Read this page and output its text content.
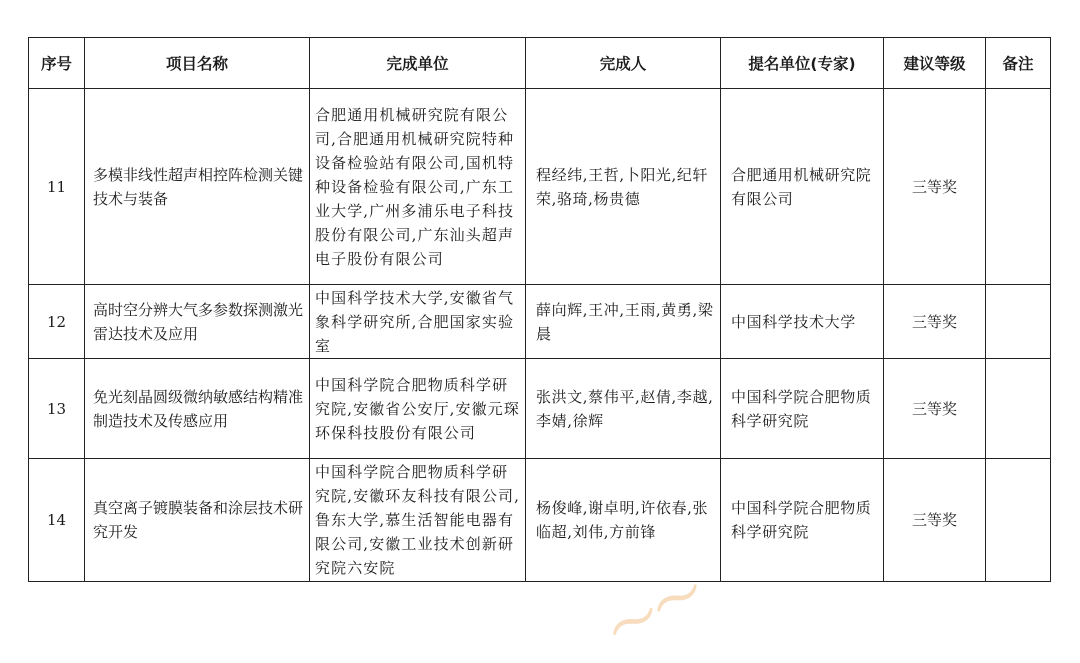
序号	项目名称	完成单位	完成人	提名单位(专家)	建议等级	备注
11	多模非线性超声相控阵检测关键技术与装备	合肥通用机械研究院有限公司,合肥通用机械研究院特种设备检验站有限公司,国机特种设备检验有限公司,广东工业大学,广州多浦乐电子科技股份有限公司,广东汕头超声电子股份有限公司	程经纬,王哲,卜阳光,纪轩荣,骆琦,杨贵德	合肥通用机械研究院有限公司	三等奖	
12	高时空分辨大气多参数探测激光雷达技术及应用	中国科学技术大学,安徽省气象科学研究所,合肥国家实验室	薛向辉,王冲,王雨,黄勇,梁晨	中国科学技术大学	三等奖	
13	免光刻晶圆级微纳敏感结构精准制造技术及传感应用	中国科学院合肥物质科学研究院,安徽省公安厅,安徽元琛环保科技股份有限公司	张洪文,蔡伟平,赵倩,李越,李婧,徐辉	中国科学院合肥物质科学研究院	三等奖	
14	真空离子镀膜装备和涂层技术研究开发	中国科学院合肥物质科学研究院,安徽环友科技有限公司,鲁东大学,慕生活智能电器有限公司,安徽工业技术创新研究院六安院	杨俊峰,谢卓明,许依春,张临超,刘伟,方前锋	中国科学院合肥物质科学研究院	三等奖	
〜〜
